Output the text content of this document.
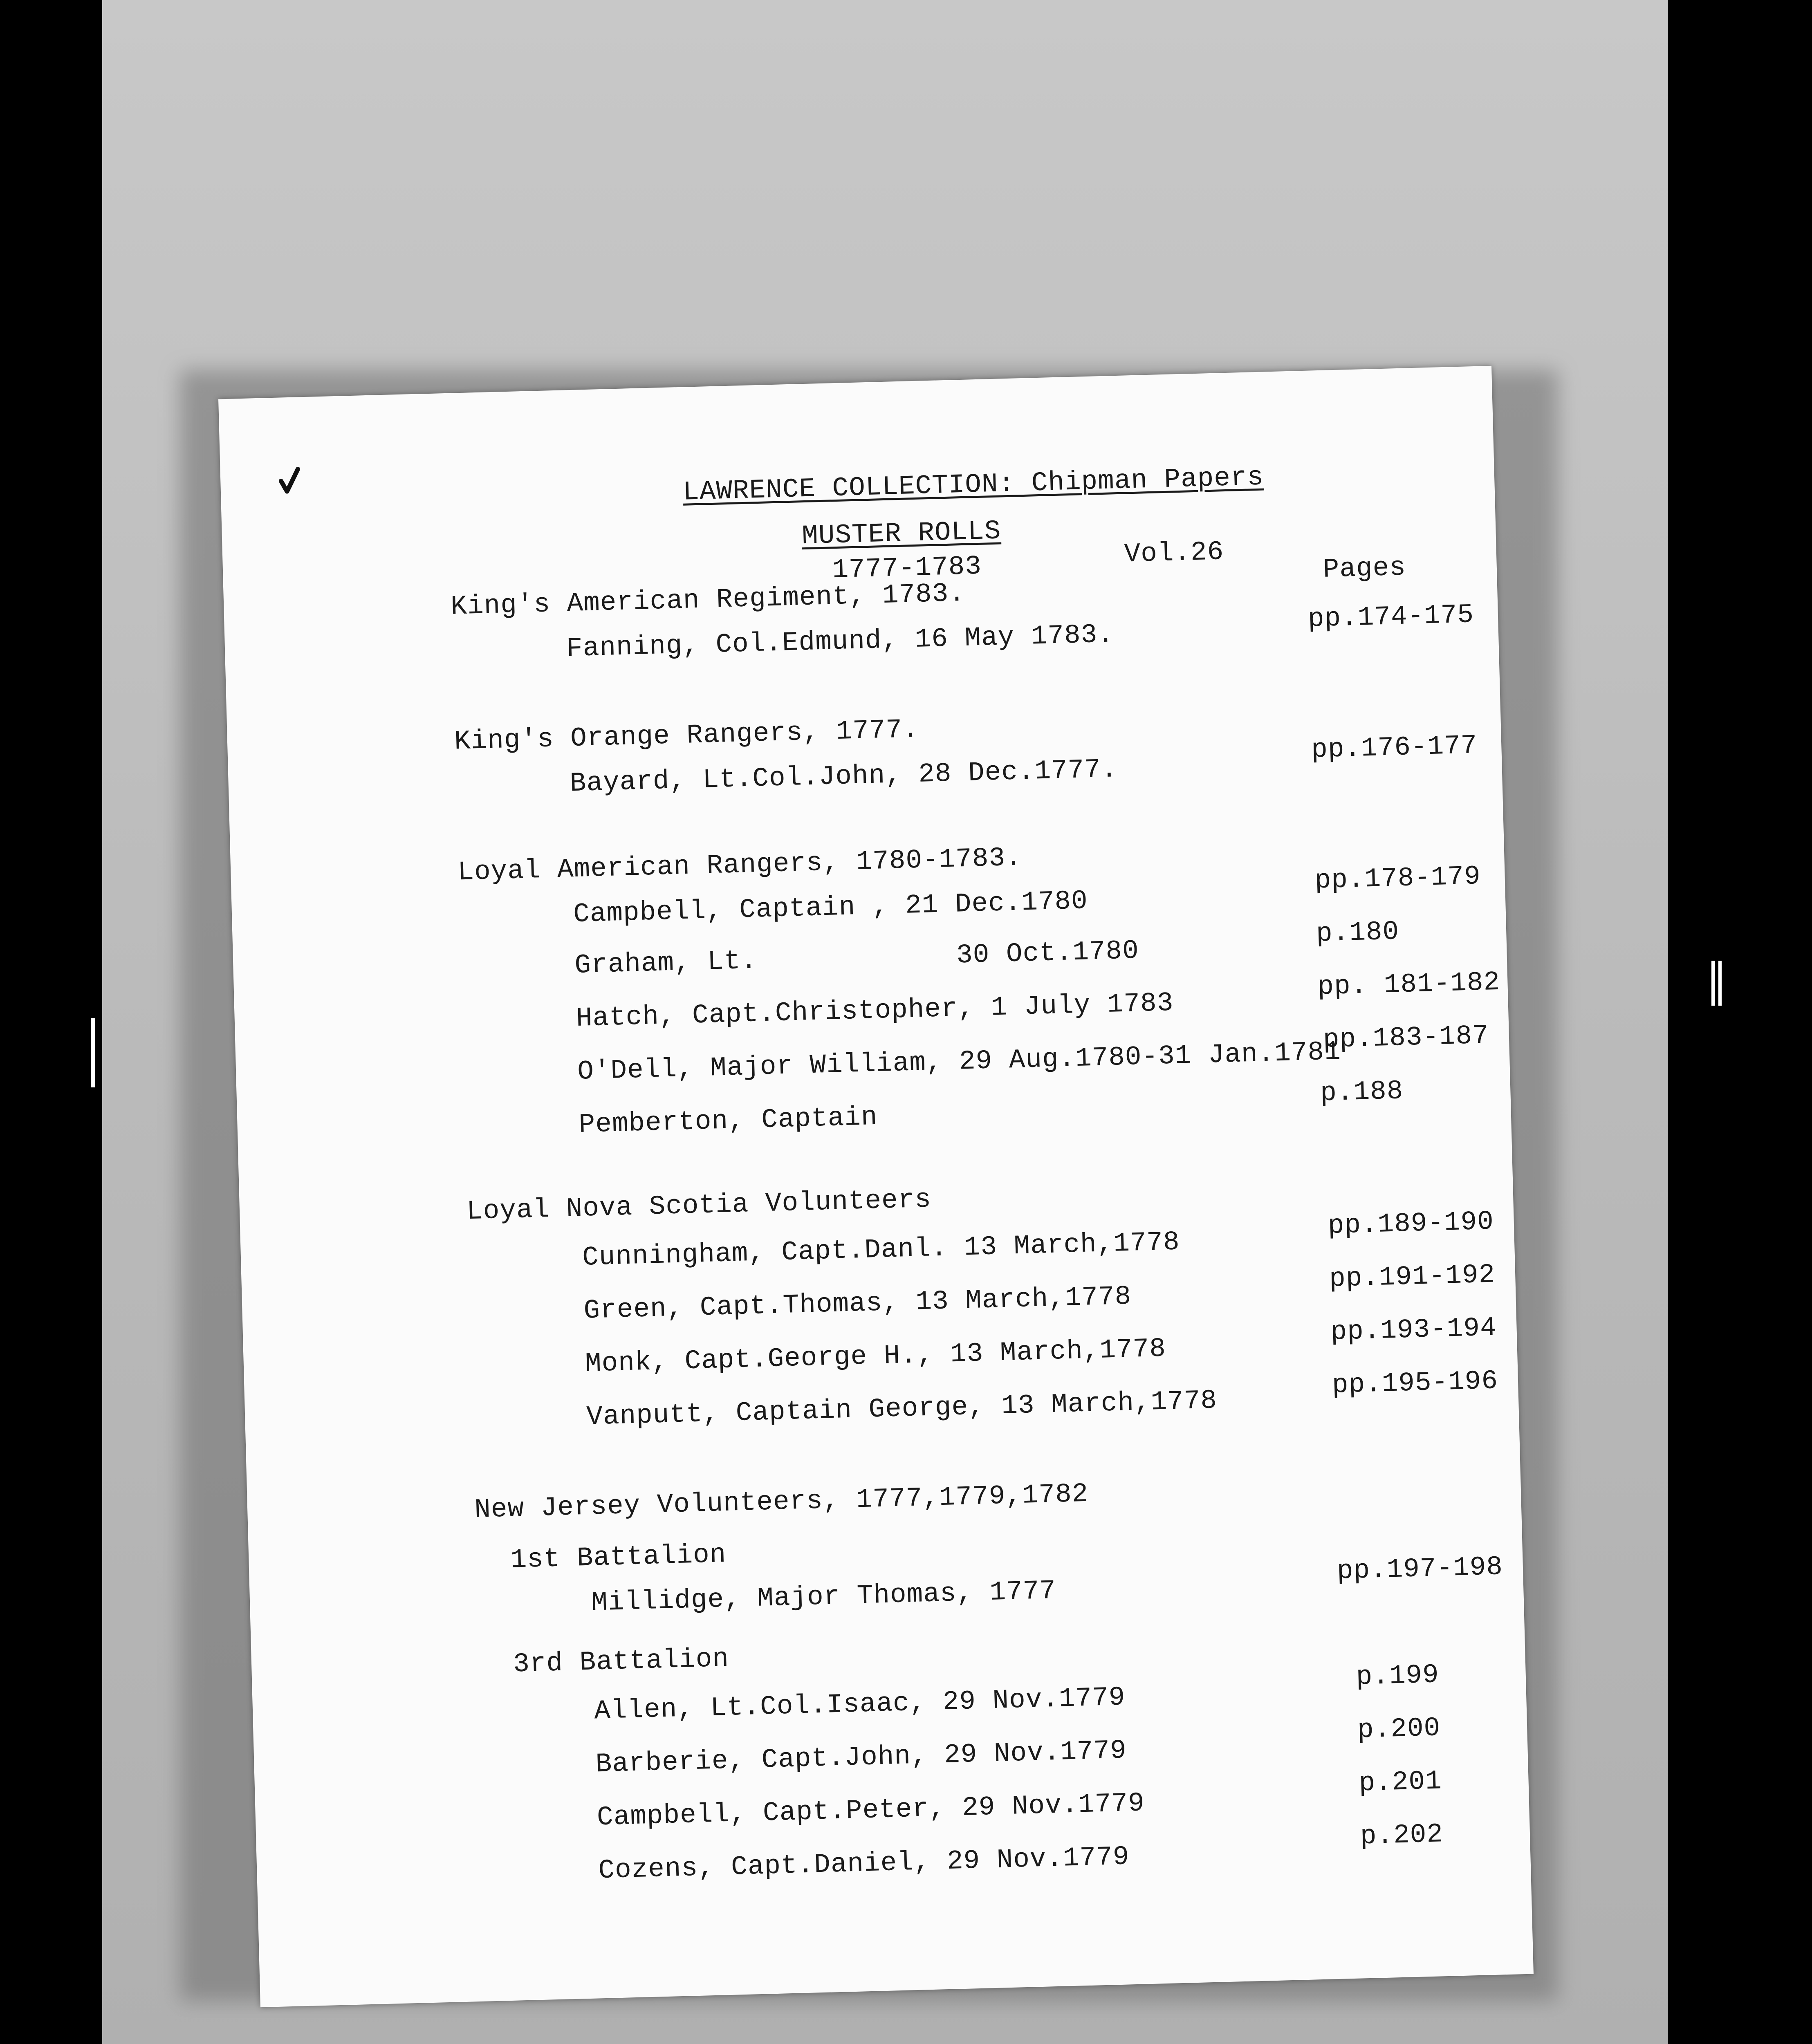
LAWRENCE COLLECTION: Chipman Papers
MUSTER ROLLS
1777-1783	Vol.26	Pages
King's American Regiment, 1783.
Fanning, Col.Edmund, 16 May 1783.
pp.174-175
King's Orange Rangers, 1777.
Bayard, Lt.Col.John, 28 Dec.1777.
pp.176-177
Loyal American Rangers, 1780-1783.
Campbell, Captain , 21 Dec.1780
pp.178-179
Graham, Lt.            30 Oct.1780
p.180
Hatch, Capt.Christopher, 1 July 1783
pp. 181-182
O'Dell, Major William, 29 Aug.1780-31 Jan.1781
pp.183-187
Pemberton, Captain
p.188
Loyal Nova Scotia Volunteers
Cunningham, Capt.Danl. 13 March,1778
pp.189-190
Green, Capt.Thomas, 13 March,1778
pp.191-192
Monk, Capt.George H., 13 March,1778
pp.193-194
Vanputt, Captain George, 13 March,1778
pp.195-196
New Jersey Volunteers, 1777,1779,1782
1st Battalion
Millidge, Major Thomas, 1777
pp.197-198
3rd Battalion
Allen, Lt.Col.Isaac, 29 Nov.1779
p.199
Barberie, Capt.John, 29 Nov.1779
p.200
Campbell, Capt.Peter, 29 Nov.1779
p.201
Cozens, Capt.Daniel, 29 Nov.1779
p.202
